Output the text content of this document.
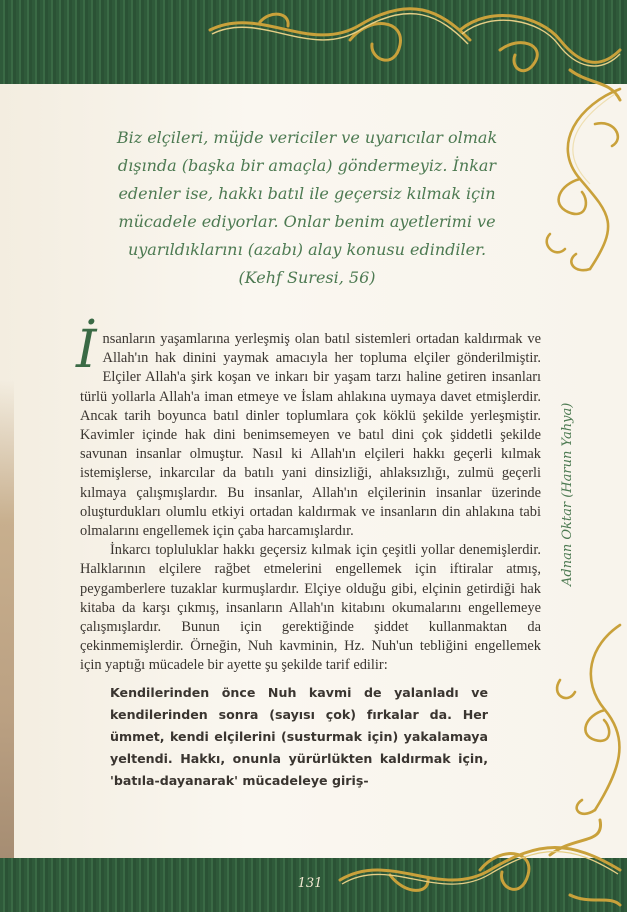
Biz elçileri, müjde vericiler ve uyarıcılar olmak

dışında (başka bir amaçla) göndermeyiz. İnkar

edenler ise, hakkı batıl ile geçersiz kılmak için

mücadele ediyorlar. Onlar benim ayetlerimi ve

uyarıldıklarını (azabı) alay konusu edindiler.

(Kehf Suresi, 56)

İnsanların yaşamlarına yerleşmiş olan batıl sistemleri ortadan kaldırmak ve Allah'ın hak dinini yaymak amacıyla her topluma elçiler gönderilmiştir. Elçiler Allah'a şirk koşan ve inkarı bir yaşam tarzı haline getiren insanları türlü yollarla Allah'a iman etmeye ve İslam ahlakına uymaya davet etmişlerdir. Ancak tarih boyunca batıl dinler toplumlara çok köklü şekilde yerleşmiştir. Kavimler içinde hak dini benimsemeyen ve batıl dini çok şiddetli şekilde savunan insanlar olmuştur. Nasıl ki Allah'ın elçileri hakkı geçerli kılmak istemişlerse, inkarcılar da batılı yani dinsizliği, ahlaksızlığı, zulmü geçerli kılmaya çalışmışlardır. Bu insanlar, Allah'ın elçilerinin insanlar üzerinde oluşturdukları olumlu etkiyi ortadan kaldırmak ve insanların din ahlakına tabi olmalarını engellemek için çaba harcamışlardır.

İnkarcı topluluklar hakkı geçersiz kılmak için çeşitli yollar denemişlerdir. Halklarının elçilere rağbet etmelerini engellemek için iftiralar atmış, peygamberlere tuzaklar kurmuşlardır. Elçiye olduğu gibi, elçinin getirdiği hak kitaba da karşı çıkmış, insanların Allah'ın kitabını okumalarını engellemeye çalışmışlardır. Bunun için gerektiğinde şiddet kullanmaktan da çekinmemişlerdir. Örneğin, Nuh kavminin, Hz. Nuh'un tebliğini engellemek için yaptığı mücadele bir ayette şu şekilde tarif edilir:

Kendilerinden önce Nuh kavmi de yalanladı ve kendilerinden sonra (sayısı çok) fırkalar da. Her ümmet, kendi elçilerini (susturmak için) yakalamaya yeltendi. Hakkı, onunla yürürlükten kaldırmak için, 'batıla-dayanarak' mücadeleye giriş-

Adnan Oktar (Harun Yahya)
131
